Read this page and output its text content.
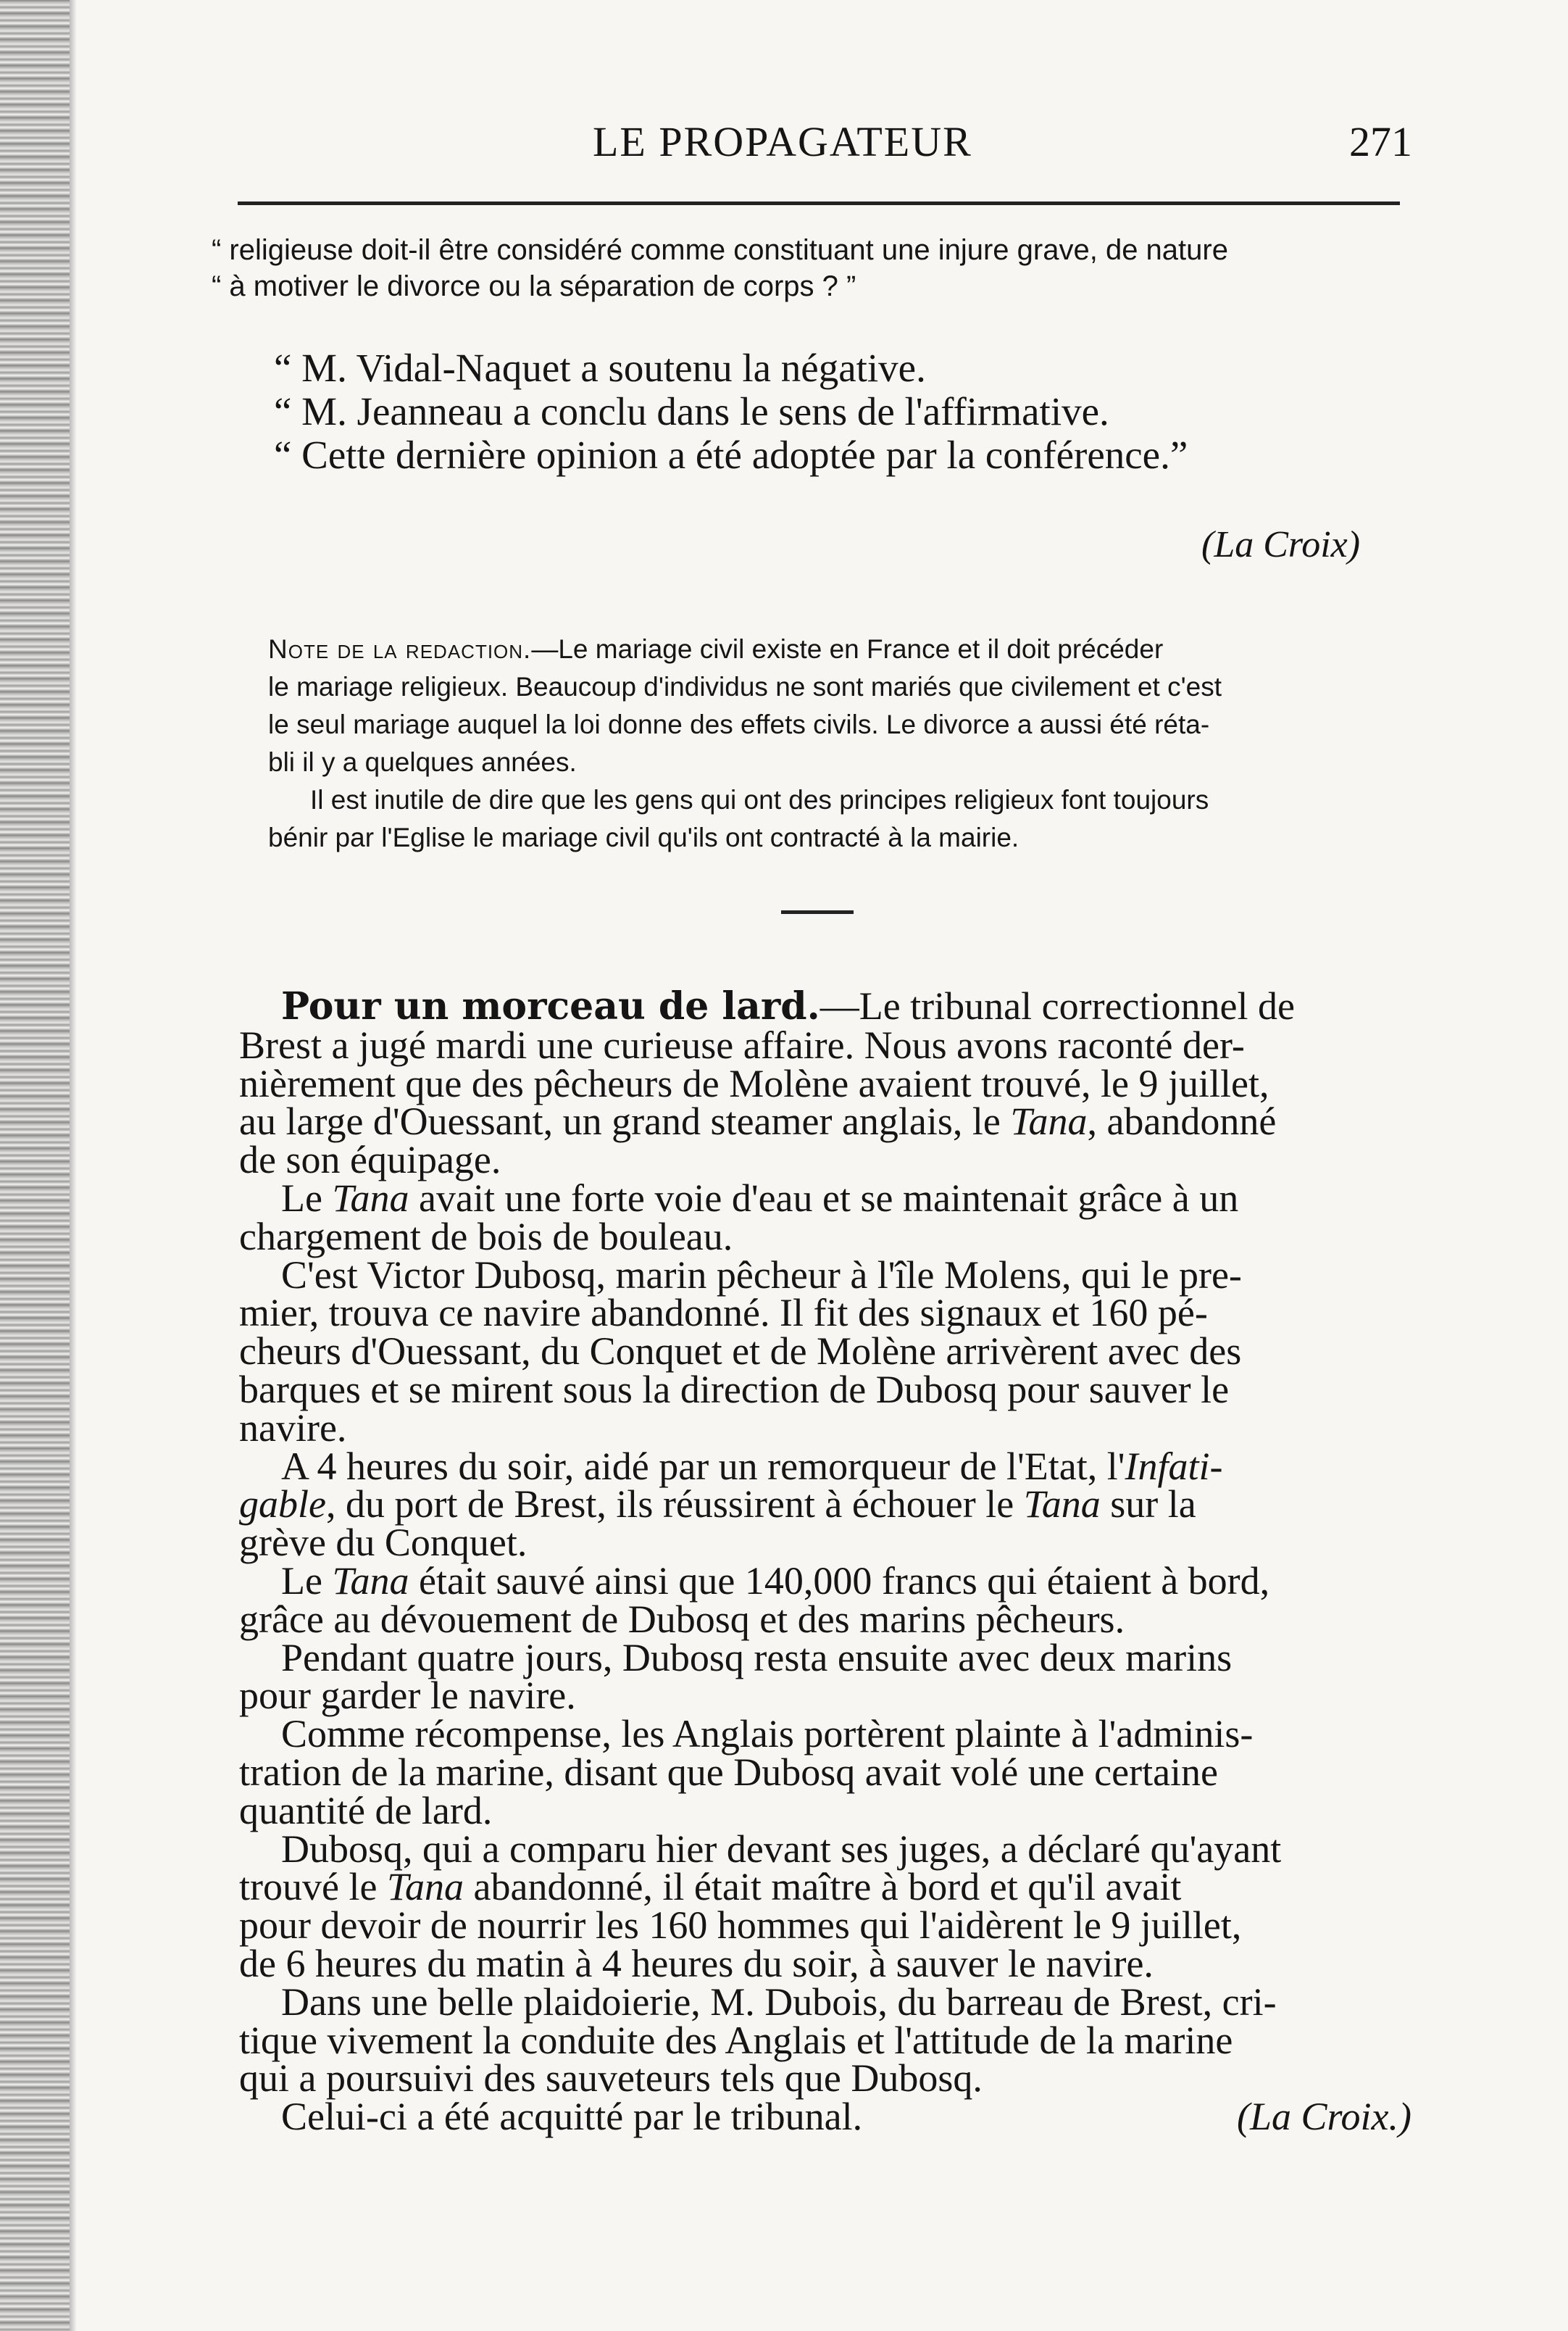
LE PROPAGATEUR	271
“ religieuse doit-il être considéré comme constituant une injure grave, de nature
“ à motiver le divorce ou la séparation de corps ? ”
“ M. Vidal-Naquet a soutenu la négative.
“ M. Jeanneau a conclu dans le sens de l'affirmative.
“ Cette dernière opinion a été adoptée par la conférence.”
(La Croix)
Note de la redaction.—Le mariage civil existe en France et il doit précéder
le mariage religieux. Beaucoup d'individus ne sont mariés que civilement et c'est
le seul mariage auquel la loi donne des effets civils. Le divorce a aussi été réta-
bli il y a quelques années.
Il est inutile de dire que les gens qui ont des principes religieux font toujours
bénir par l'Eglise le mariage civil qu'ils ont contracté à la mairie.
Pour un morceau de lard.—Le tribunal correctionnel de
Brest a jugé mardi une curieuse affaire. Nous avons raconté der-
nièrement que des pêcheurs de Molène avaient trouvé, le 9 juillet,
au large d'Ouessant, un grand steamer anglais, le Tana, abandonné
de son équipage.
Le Tana avait une forte voie d'eau et se maintenait grâce à un
chargement de bois de bouleau.
C'est Victor Dubosq, marin pêcheur à l'île Molens, qui le pre-
mier, trouva ce navire abandonné. Il fit des signaux et 160 pé-
cheurs d'Ouessant, du Conquet et de Molène arrivèrent avec des
barques et se mirent sous la direction de Dubosq pour sauver le
navire.
A 4 heures du soir, aidé par un remorqueur de l'Etat, l'Infati-
gable, du port de Brest, ils réussirent à échouer le Tana sur la
grève du Conquet.
Le Tana était sauvé ainsi que 140,000 francs qui étaient à bord,
grâce au dévouement de Dubosq et des marins pêcheurs.
Pendant quatre jours, Dubosq resta ensuite avec deux marins
pour garder le navire.
Comme récompense, les Anglais portèrent plainte à l'adminis-
tration de la marine, disant que Dubosq avait volé une certaine
quantité de lard.
Dubosq, qui a comparu hier devant ses juges, a déclaré qu'ayant
trouvé le Tana abandonné, il était maître à bord et qu'il avait
pour devoir de nourrir les 160 hommes qui l'aidèrent le 9 juillet,
de 6 heures du matin à 4 heures du soir, à sauver le navire.
Dans une belle plaidoierie, M. Dubois, du barreau de Brest, cri-
tique vivement la conduite des Anglais et l'attitude de la marine
qui a poursuivi des sauveteurs tels que Dubosq.
Celui-ci a été acquitté par le tribunal.	(La Croix.)
